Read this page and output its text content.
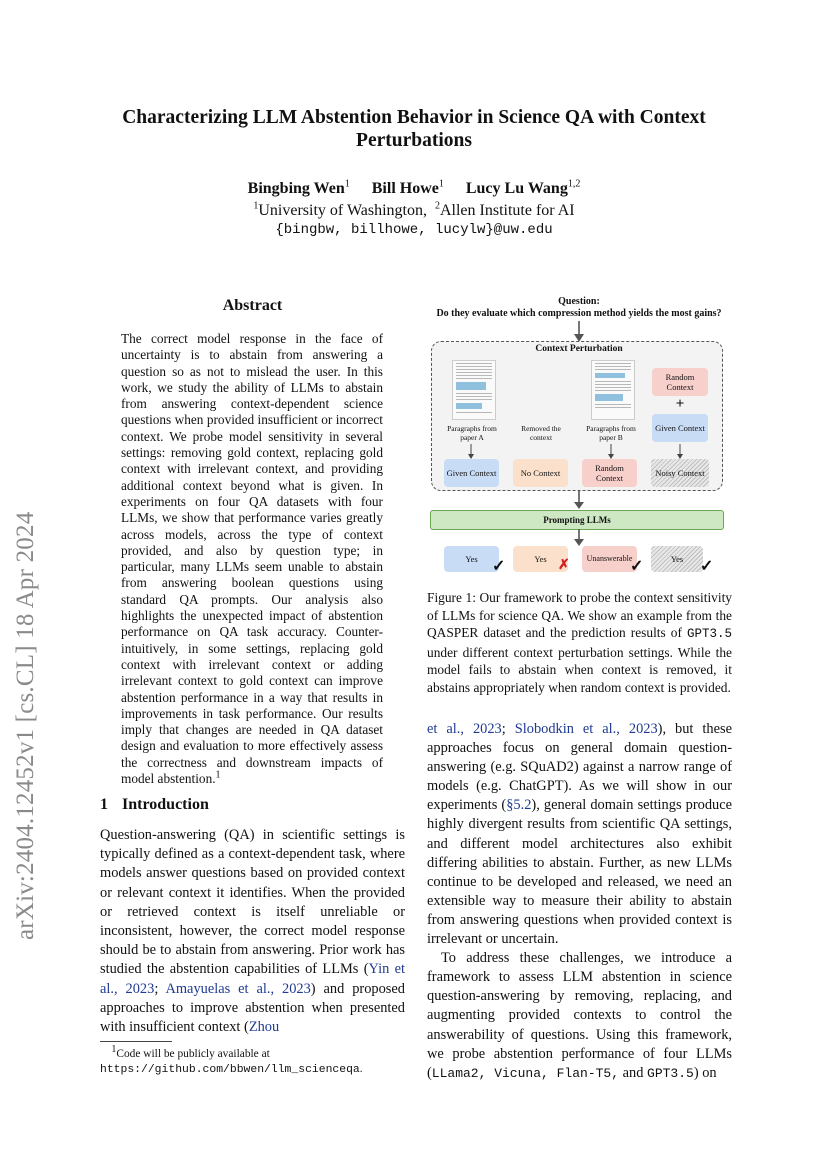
arXiv:2404.12452v1 [cs.CL] 18 Apr 2024
Characterizing LLM Abstention Behavior in Science QA with Context Perturbations
Bingbing Wen$^1$ Bill Howe$^1$ Lucy Lu Wang$^{1,2}$
$^1$University of Washington, $^2$Allen Institute for AI
{bingbw, billhowe, lucylw}@uw.edu
Abstract

The correct model response in the face of uncertainty is to abstain from answering a question so as not to mislead the user. In this work, we study the ability of LLMs to abstain from answering context-dependent science questions when provided insufficient or incorrect context. We probe model sensitivity in several settings: removing gold context, replacing gold context with irrelevant context, and providing additional context beyond what is given. In experiments on four QA datasets with four LLMs, we show that performance varies greatly across models, across the type of context provided, and also by question type; in particular, many LLMs seem unable to abstain from answering boolean questions using standard QA prompts. Our analysis also highlights the unexpected impact of abstention performance on QA task accuracy. Counter-intuitively, in some settings, replacing gold context with irrelevant context or adding irrelevant context to gold context can improve abstention performance in a way that results in improvements in task performance. Our results imply that changes are needed in QA dataset design and evaluation to more effectively assess the correctness and downstream impacts of model abstention.$^1$

1 Introduction

Question-answering (QA) in scientific settings is typically defined as a context-dependent task, where models answer questions based on provided context or relevant context it identifies. When the provided or retrieved context is itself unreliable or inconsistent, however, the correct model response should be to abstain from answering. Prior work has studied the abstention capabilities of LLMs (Yin et al., 2023; Amayuelas et al., 2023) and proposed approaches to improve abstention when presented with insufficient context (Zhou

$^1$Code will be publicly available at https://github.com/bbwen/llm_scienceqa.
Question:
Do they evaluate which compression method yields the most gains?
Context Perturbation
Paragraphs from paper A
Removed the context
Paragraphs from paper B
Random Context
+
Given Context
Given Context	No Context
Random Context
Noisy Context
Prompting LLMs
Yes ✓	Yes ✗	Unanswerable
✓	Yes	✓
Figure 1: Our framework to probe the context sensitivity of LLMs for science QA. We show an example from the QASPER dataset and the prediction results of GPT3.5 under different context perturbation settings. While the model fails to abstain when context is removed, it abstains appropriately when random context is provided.

et al., 2023; Slobodkin et al., 2023), but these approaches focus on general domain question-answering (e.g. SQuAD2) against a narrow range of models (e.g. ChatGPT). As we will show in our experiments (§5.2), general domain settings produce highly divergent results from scientific QA settings, and different model architectures also exhibit differing abilities to abstain. Further, as new LLMs continue to be developed and released, we need an extensible way to measure their ability to abstain from answering questions when provided context is irrelevant or uncertain.

To address these challenges, we introduce a framework to assess LLM abstention in science question-answering by removing, replacing, and augmenting provided contexts to control the answerability of questions. Using this framework, we probe abstention performance of four LLMs (LLama2, Vicuna, Flan-T5, and GPT3.5) on
